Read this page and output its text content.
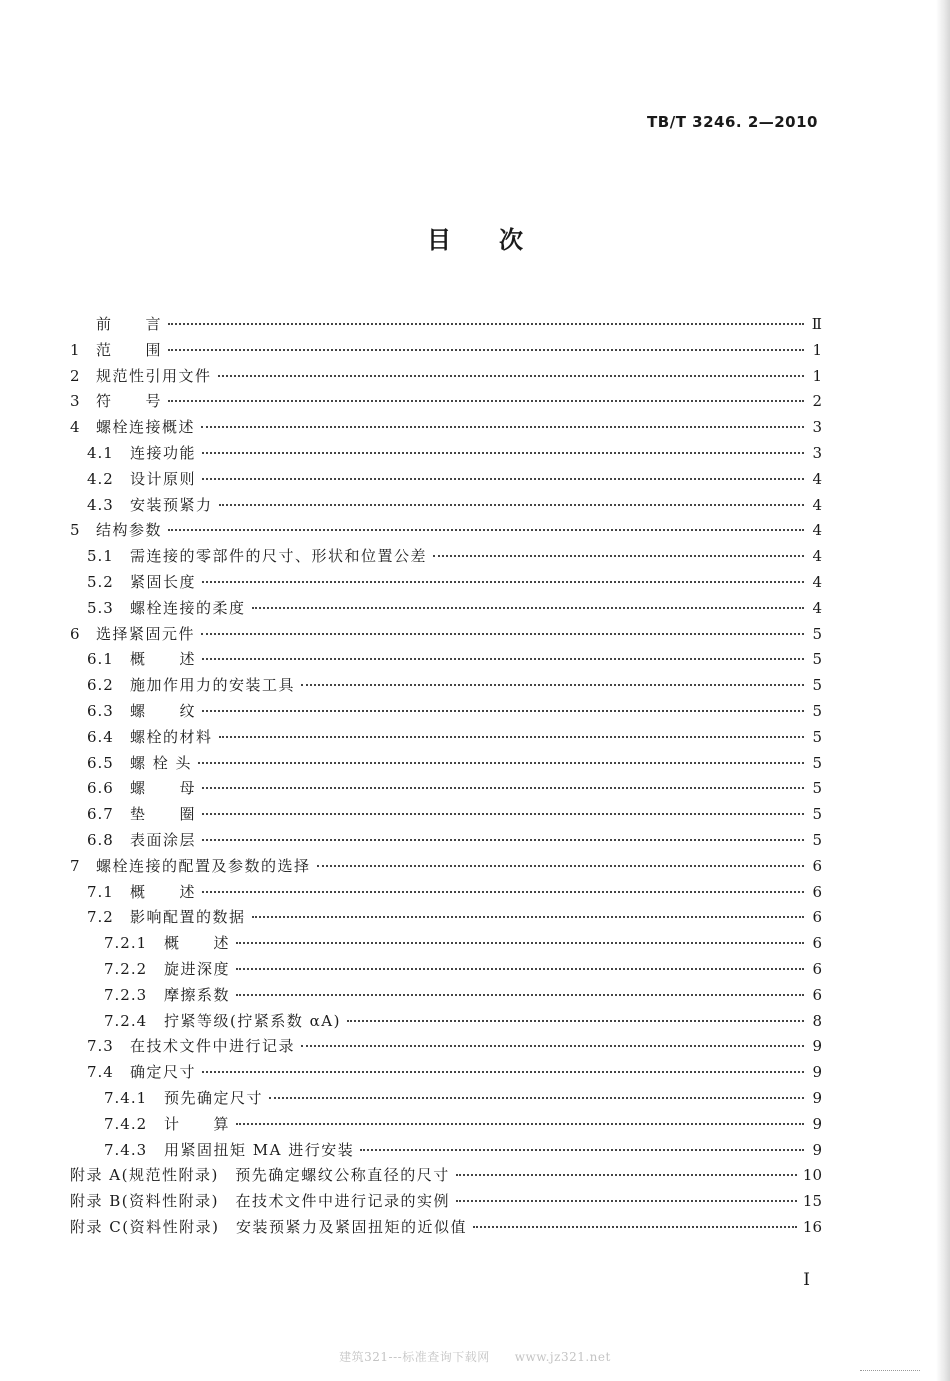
TB/T 3246. 2—2010
目次
前　　言	Ⅱ
1	范　　围	1
2	规范性引用文件	1
3	符　　号	2
4	螺栓连接概述	3
4.1	连接功能	3
4.2	设计原则	4
4.3	安装预紧力	4
5	结构参数	4
5.1	需连接的零部件的尺寸、形状和位置公差	4
5.2	紧固长度	4
5.3	螺栓连接的柔度	4
6	选择紧固元件	5
6.1	概　　述	5
6.2	施加作用力的安装工具	5
6.3	螺　　纹	5
6.4	螺栓的材料	5
6.5	螺 栓 头	5
6.6	螺　　母	5
6.7	垫　　圈	5
6.8	表面涂层	5
7	螺栓连接的配置及参数的选择	6
7.1	概　　述	6
7.2	影响配置的数据	6
7.2.1	概　　述	6
7.2.2	旋进深度	6
7.2.3	摩擦系数	6
7.2.4	拧紧等级(拧紧系数 αA)	8
7.3	在技术文件中进行记录	9
7.4	确定尺寸	9
7.4.1	预先确定尺寸	9
7.4.2	计　　算	9
7.4.3	用紧固扭矩 MA 进行安装	9
附录 A(规范性附录)　预先确定螺纹公称直径的尺寸	10
附录 B(资料性附录)　在技术文件中进行记录的实例	15
附录 C(资料性附录)　安装预紧力及紧固扭矩的近似值	16
I
建筑321---标准查询下载网　　www.jz321.net
